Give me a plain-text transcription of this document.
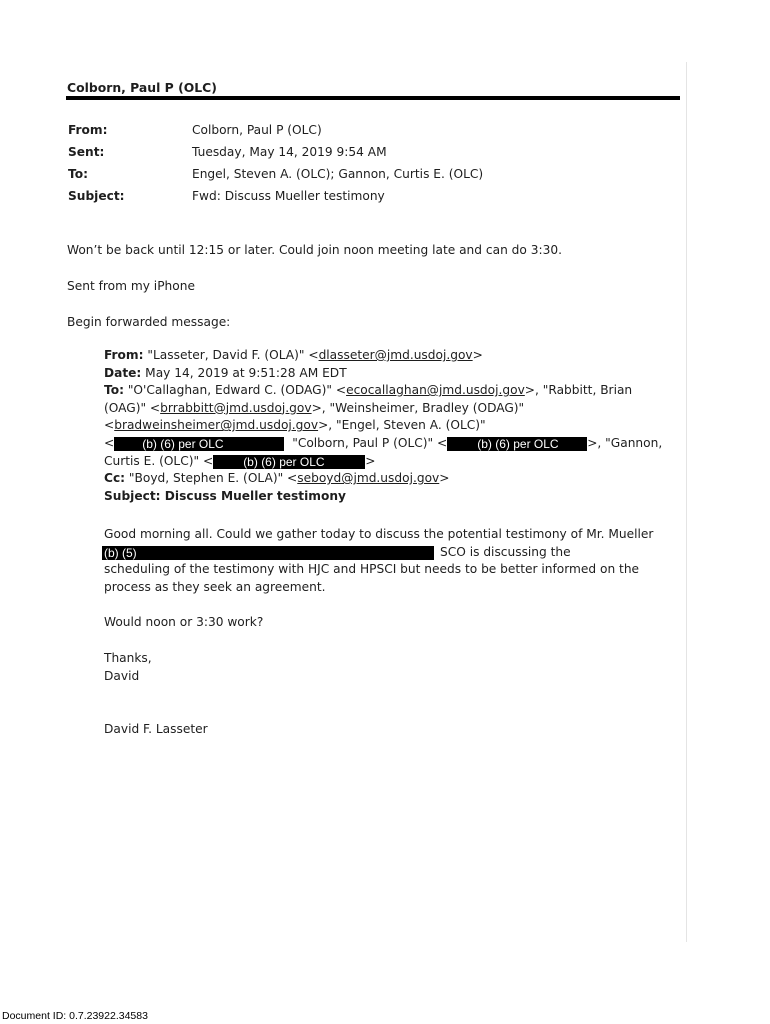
Colborn, Paul P (OLC)
From:	Colborn, Paul P (OLC)
Sent:	Tuesday, May 14, 2019 9:54 AM
To:	Engel, Steven A. (OLC); Gannon, Curtis E. (OLC)
Subject:	Fwd: Discuss Mueller testimony
Won’t be back until 12:15 or later. Could join noon meeting late and can do 3:30.
Sent from my iPhone
Begin forwarded message:
From: "Lasseter, David F. (OLA)" <dlasseter@jmd.usdoj.gov>
Date: May 14, 2019 at 9:51:28 AM EDT
To: "O'Callaghan, Edward C. (ODAG)" <ecocallaghan@jmd.usdoj.gov>, "Rabbitt, Brian
(OAG)" <brrabbitt@jmd.usdoj.gov>, "Weinsheimer, Bradley (ODAG)"
<bradweinsheimer@jmd.usdoj.gov>, "Engel, Steven A. (OLC)"
< (b) (6) per OLC	"Colborn, Paul P (OLC)" <	(b) (6) per OLC >, "Gannon,
Curtis E. (OLC)" <	(b) (6) per OLC	>
Cc: "Boyd, Stephen E. (OLA)" <seboyd@jmd.usdoj.gov>
Subject: Discuss Mueller testimony
Good morning all. Could we gather today to discuss the potential testimony of Mr. Mueller
(b) (5)	SCO is discussing the
scheduling of the testimony with HJC and HPSCI but needs to be better informed on the
process as they seek an agreement.
Would noon or 3:30 work?
Thanks,
David
David F. Lasseter
Document ID: 0.7.23922.34583
